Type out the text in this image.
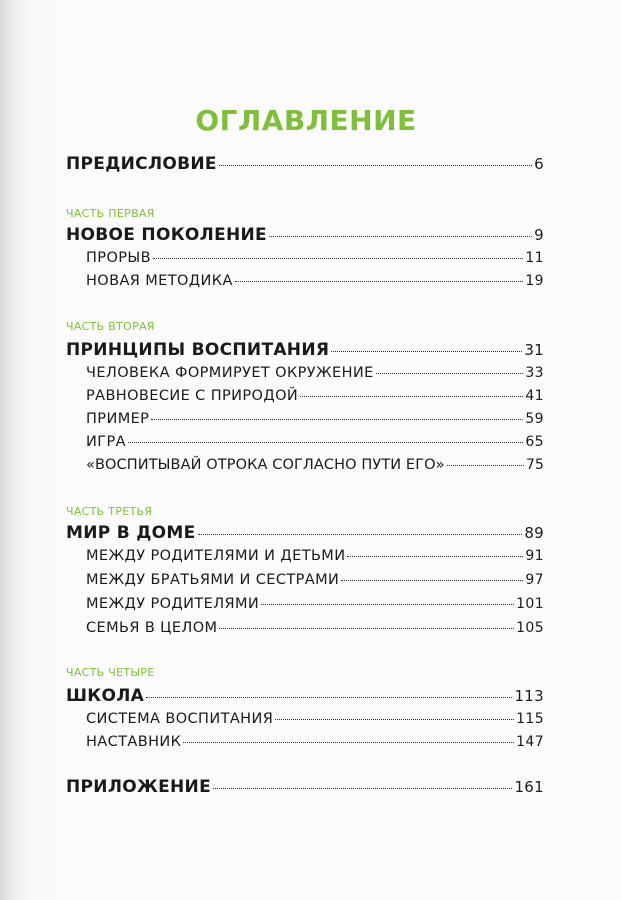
ОГЛАВЛЕНИЕ
ПРЕДИСЛОВИЕ	6
ЧАСТЬ ПЕРВАЯ
НОВОЕ ПОКОЛЕНИЕ	9
ПРОРЫВ	11
НОВАЯ МЕТОДИКА	19
ЧАСТЬ ВТОРАЯ
ПРИНЦИПЫ ВОСПИТАНИЯ	31
ЧЕЛОВЕКА ФОРМИРУЕТ ОКРУЖЕНИЕ	33
РАВНОВЕСИЕ С ПРИРОДОЙ	41
ПРИМЕР	59
ИГРА	65
«ВОСПИТЫВАЙ ОТРОКА СОГЛАСНО ПУТИ ЕГО»	75
ЧАСТЬ ТРЕТЬЯ
МИР В ДОМЕ	89
МЕЖДУ РОДИТЕЛЯМИ И ДЕТЬМИ	91
МЕЖДУ БРАТЬЯМИ И СЕСТРАМИ	97
МЕЖДУ РОДИТЕЛЯМИ	101
СЕМЬЯ В ЦЕЛОМ	105
ЧАСТЬ ЧЕТЫРЕ
ШКОЛА	113
СИСТЕМА ВОСПИТАНИЯ	115
НАСТАВНИК	147
ПРИЛОЖЕНИЕ	161
